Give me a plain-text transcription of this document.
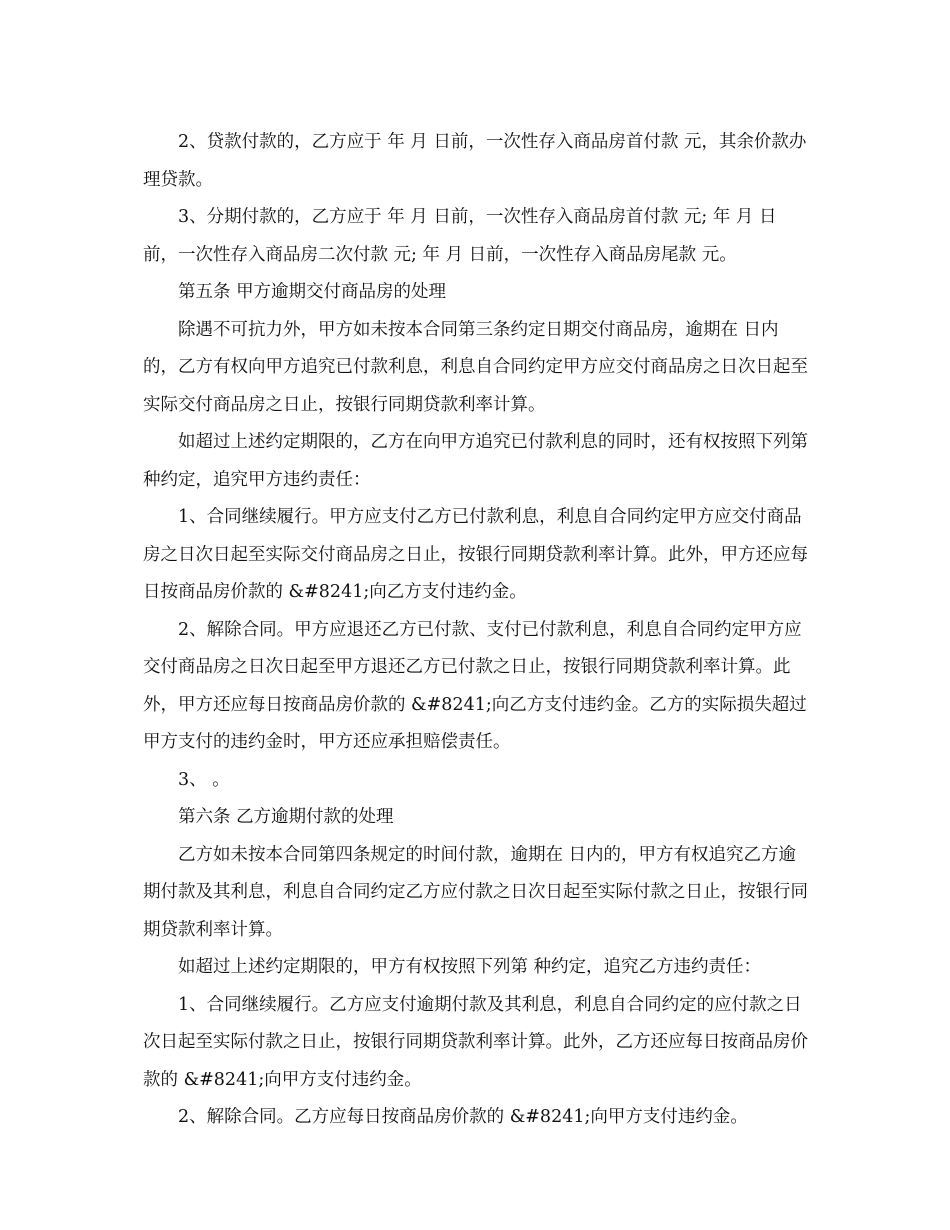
2、贷款付款的，乙方应于 年 月 日前，一次性存入商品房首付款 元，其余价款办理贷款。

3、分期付款的，乙方应于 年 月 日前，一次性存入商品房首付款 元; 年 月 日前，一次性存入商品房二次付款 元; 年 月 日前，一次性存入商品房尾款 元。

第五条 甲方逾期交付商品房的处理

除遇不可抗力外，甲方如未按本合同第三条约定日期交付商品房，逾期在 日内的，乙方有权向甲方追究已付款利息，利息自合同约定甲方应交付商品房之日次日起至实际交付商品房之日止，按银行同期贷款利率计算。

如超过上述约定期限的，乙方在向甲方追究已付款利息的同时，还有权按照下列第 种约定，追究甲方违约责任：

1、合同继续履行。甲方应支付乙方已付款利息，利息自合同约定甲方应交付商品房之日次日起至实际交付商品房之日止，按银行同期贷款利率计算。此外，甲方还应每日按商品房价款的 &#8241;向乙方支付违约金。

2、解除合同。甲方应退还乙方已付款、支付已付款利息，利息自合同约定甲方应交付商品房之日次日起至甲方退还乙方已付款之日止，按银行同期贷款利率计算。此外，甲方还应每日按商品房价款的 &#8241;向乙方支付违约金。乙方的实际损失超过甲方支付的违约金时，甲方还应承担赔偿责任。

3、 。

第六条 乙方逾期付款的处理

乙方如未按本合同第四条规定的时间付款，逾期在 日内的，甲方有权追究乙方逾期付款及其利息，利息自合同约定乙方应付款之日次日起至实际付款之日止，按银行同期贷款利率计算。

如超过上述约定期限的，甲方有权按照下列第 种约定，追究乙方违约责任：

1、合同继续履行。乙方应支付逾期付款及其利息，利息自合同约定的应付款之日次日起至实际付款之日止，按银行同期贷款利率计算。此外，乙方还应每日按商品房价款的 &#8241;向甲方支付违约金。

2、解除合同。乙方应每日按商品房价款的 &#8241;向甲方支付违约金。
